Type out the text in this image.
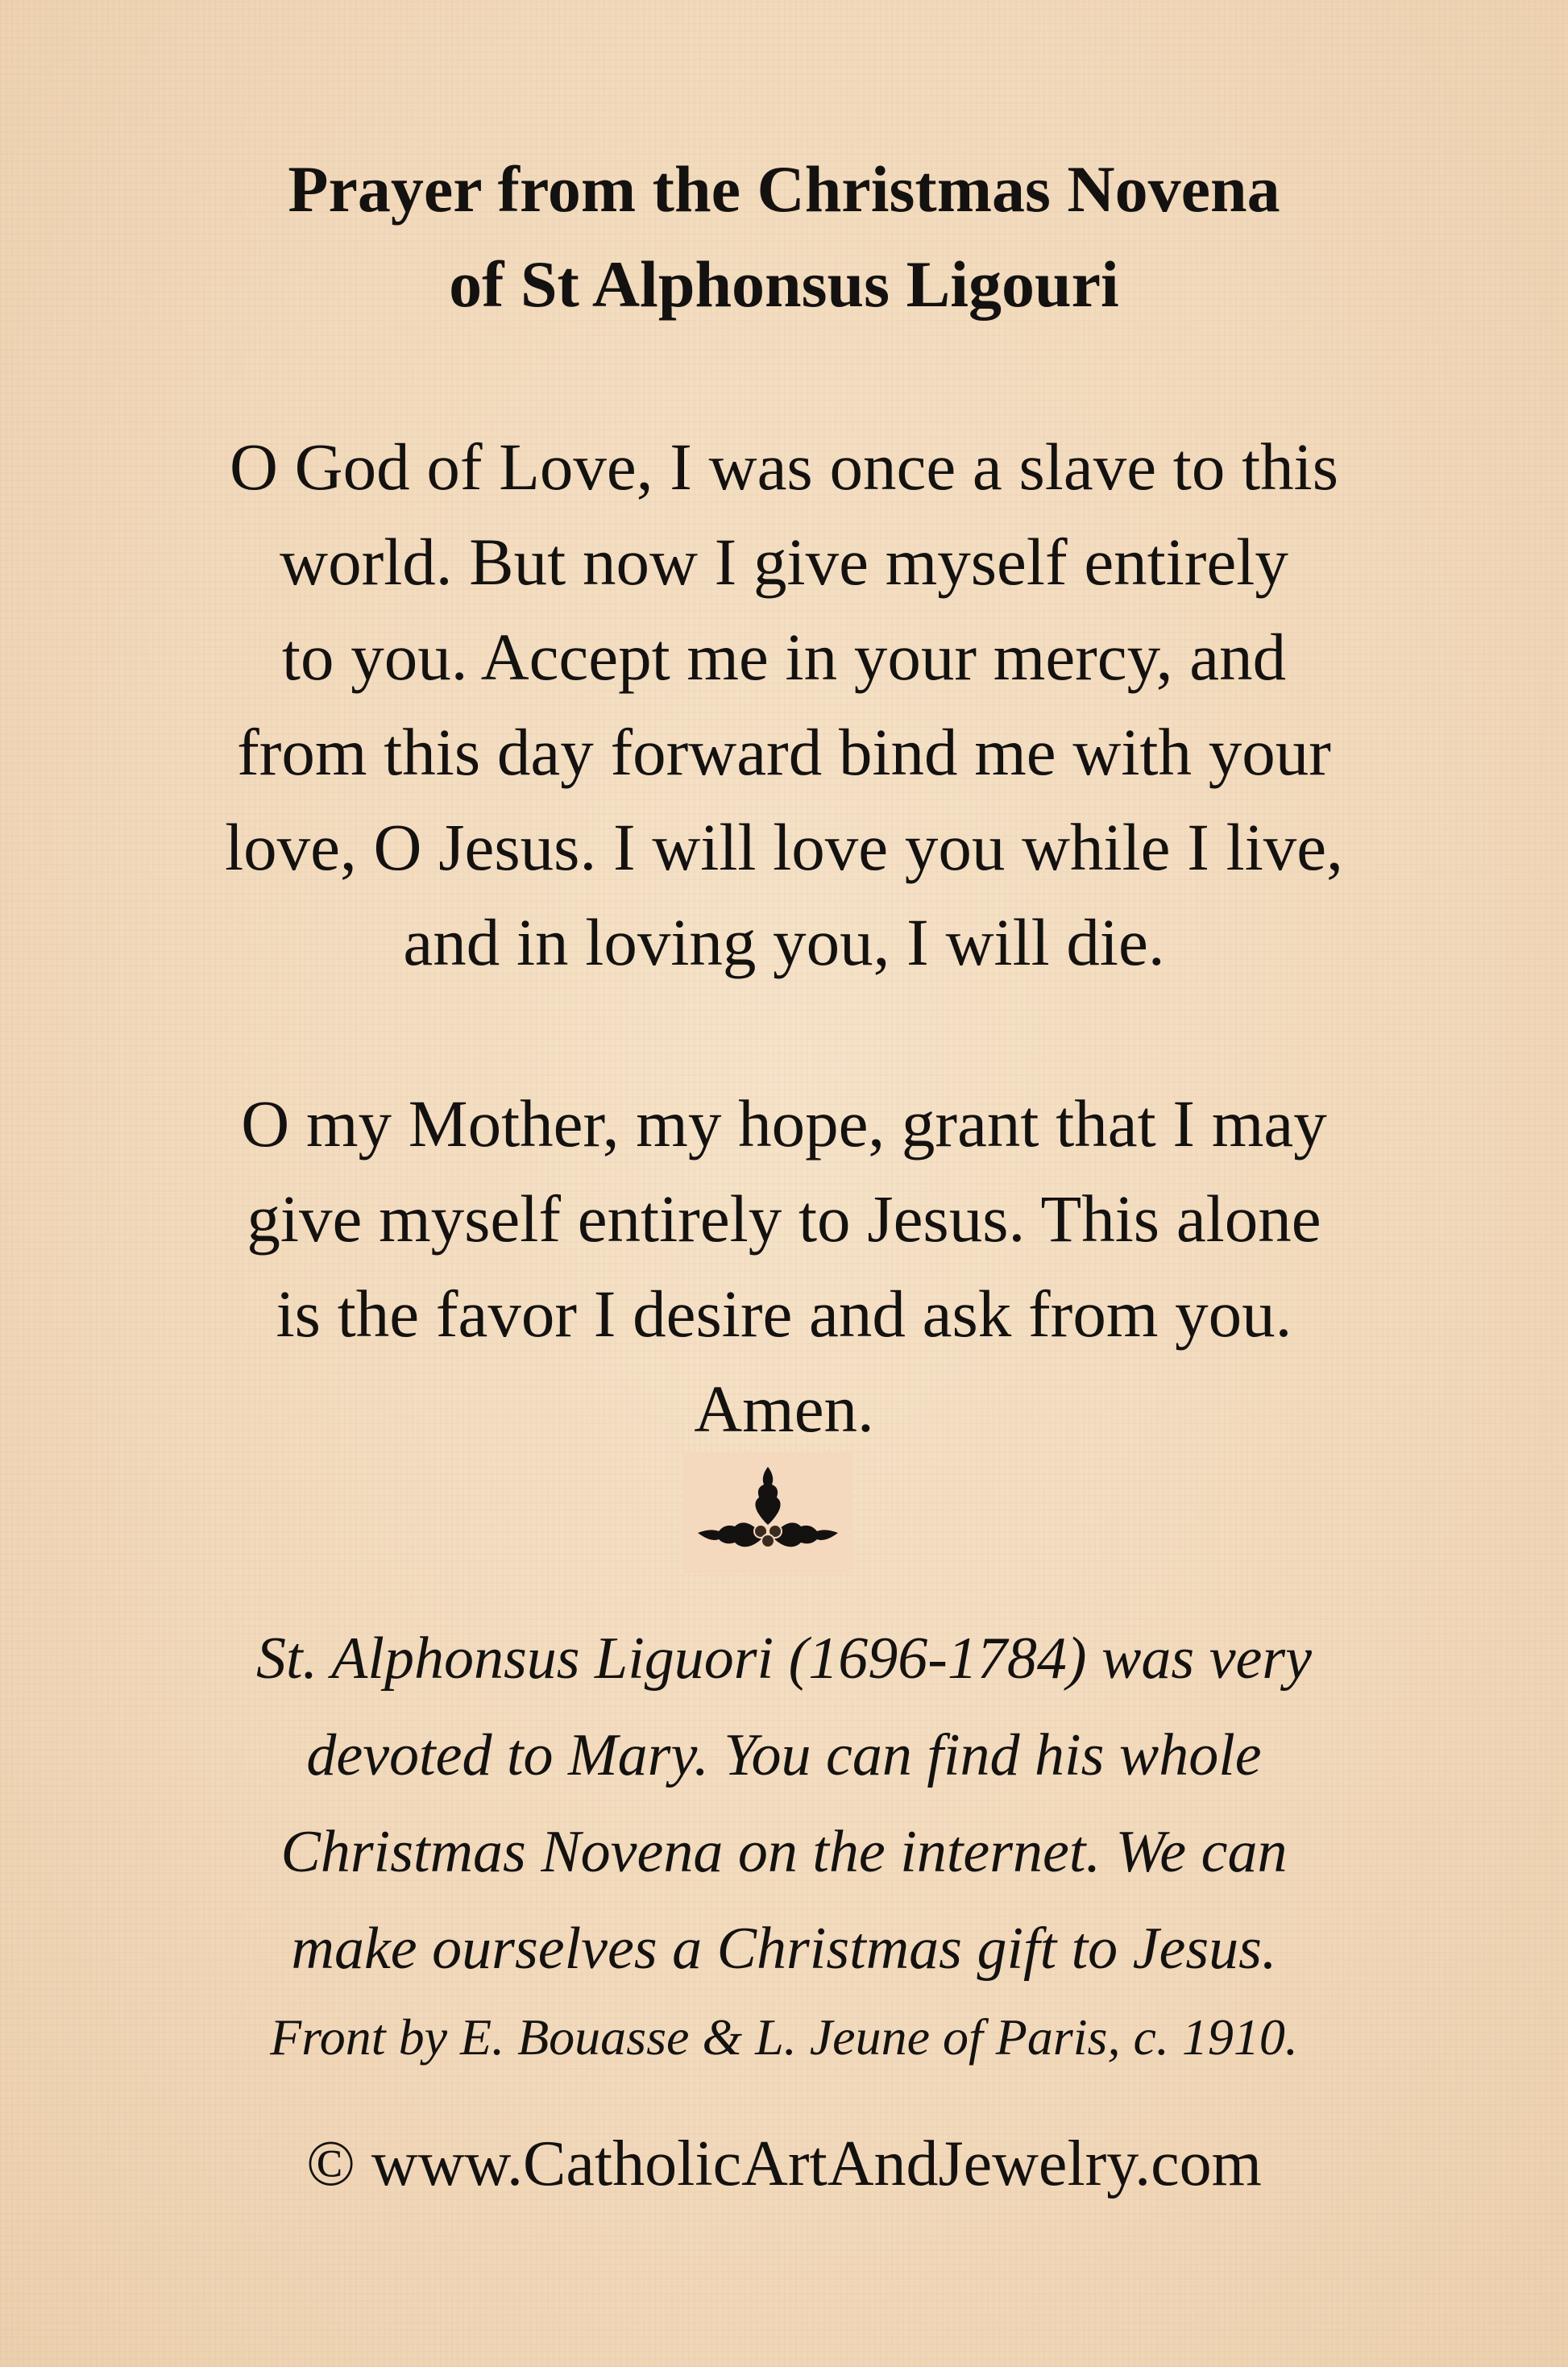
Prayer from the Christmas Novena
of St Alphonsus Ligouri

O God of Love, I was once a slave to this
world. But now I give myself entirely
to you. Accept me in your mercy, and
from this day forward bind me with your
love, O Jesus. I will love you while I live,
and in loving you, I will die.

O my Mother, my hope, grant that I may
give myself entirely to Jesus. This alone
is the favor I desire and ask from you.
Amen.

St. Alphonsus Liguori (1696-1784) was very
devoted to Mary. You can find his whole
Christmas Novena on the internet. We can
make ourselves a Christmas gift to Jesus.

Front by E. Bouasse & L. Jeune of Paris, c. 1910.

© www.CatholicArtAndJewelry.com
